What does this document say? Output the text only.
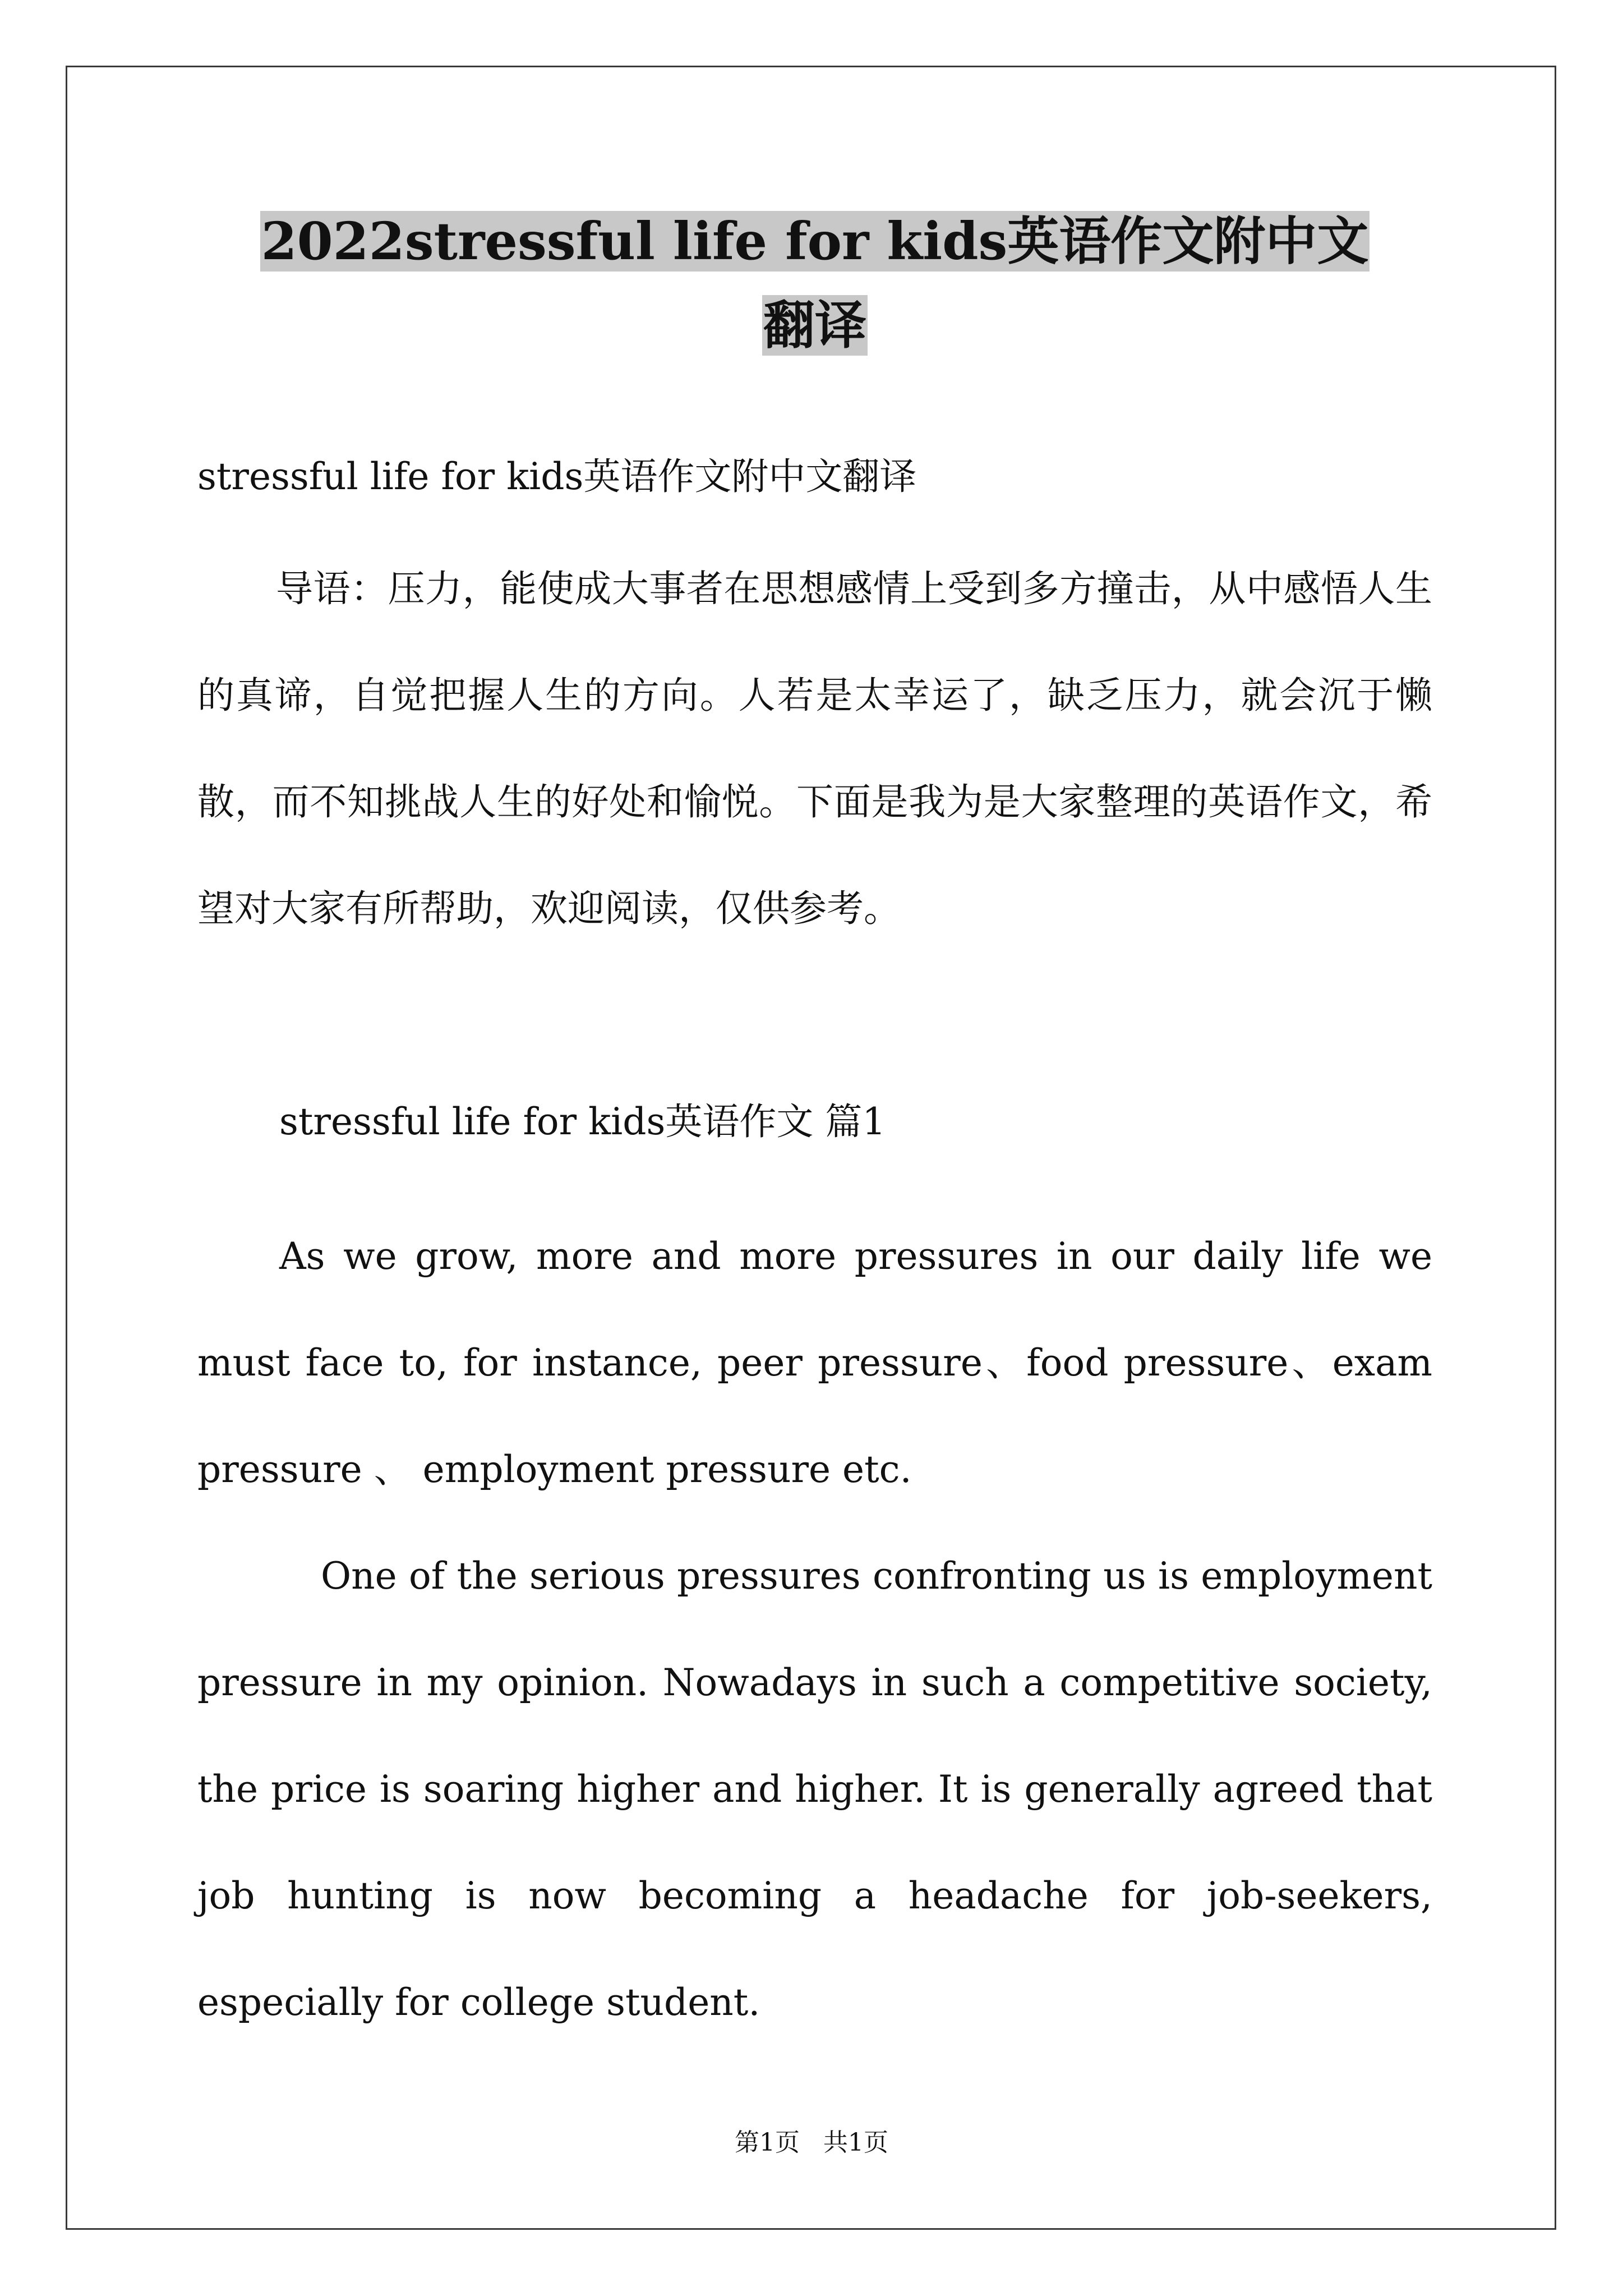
2022stressful life for kids英语作文附中文
翻译

stressful life for kids英语作文附中文翻译

导语：压力，能使成大事者在思想感情上受到多方撞击，从中感悟人生的真谛，自觉把握人生的方向。人若是太幸运了，缺乏压力，就会沉于懒散，而不知挑战人生的好处和愉悦。下面是我为是大家整理的英语作文，希望对大家有所帮助，欢迎阅读，仅供参考。

stressful life for kids英语作文 篇1

As we grow, more and more pressures in our daily life we must face to, for instance, peer pressure、food pressure、exam pressure 、 employment pressure etc.

One of the serious pressures confronting us is employment pressure in my opinion. Nowadays in such a competitive society, the price is soaring higher and higher. It is generally agreed that job hunting is now becoming a headache for job-seekers, especially for college student.

第1页   共1页
